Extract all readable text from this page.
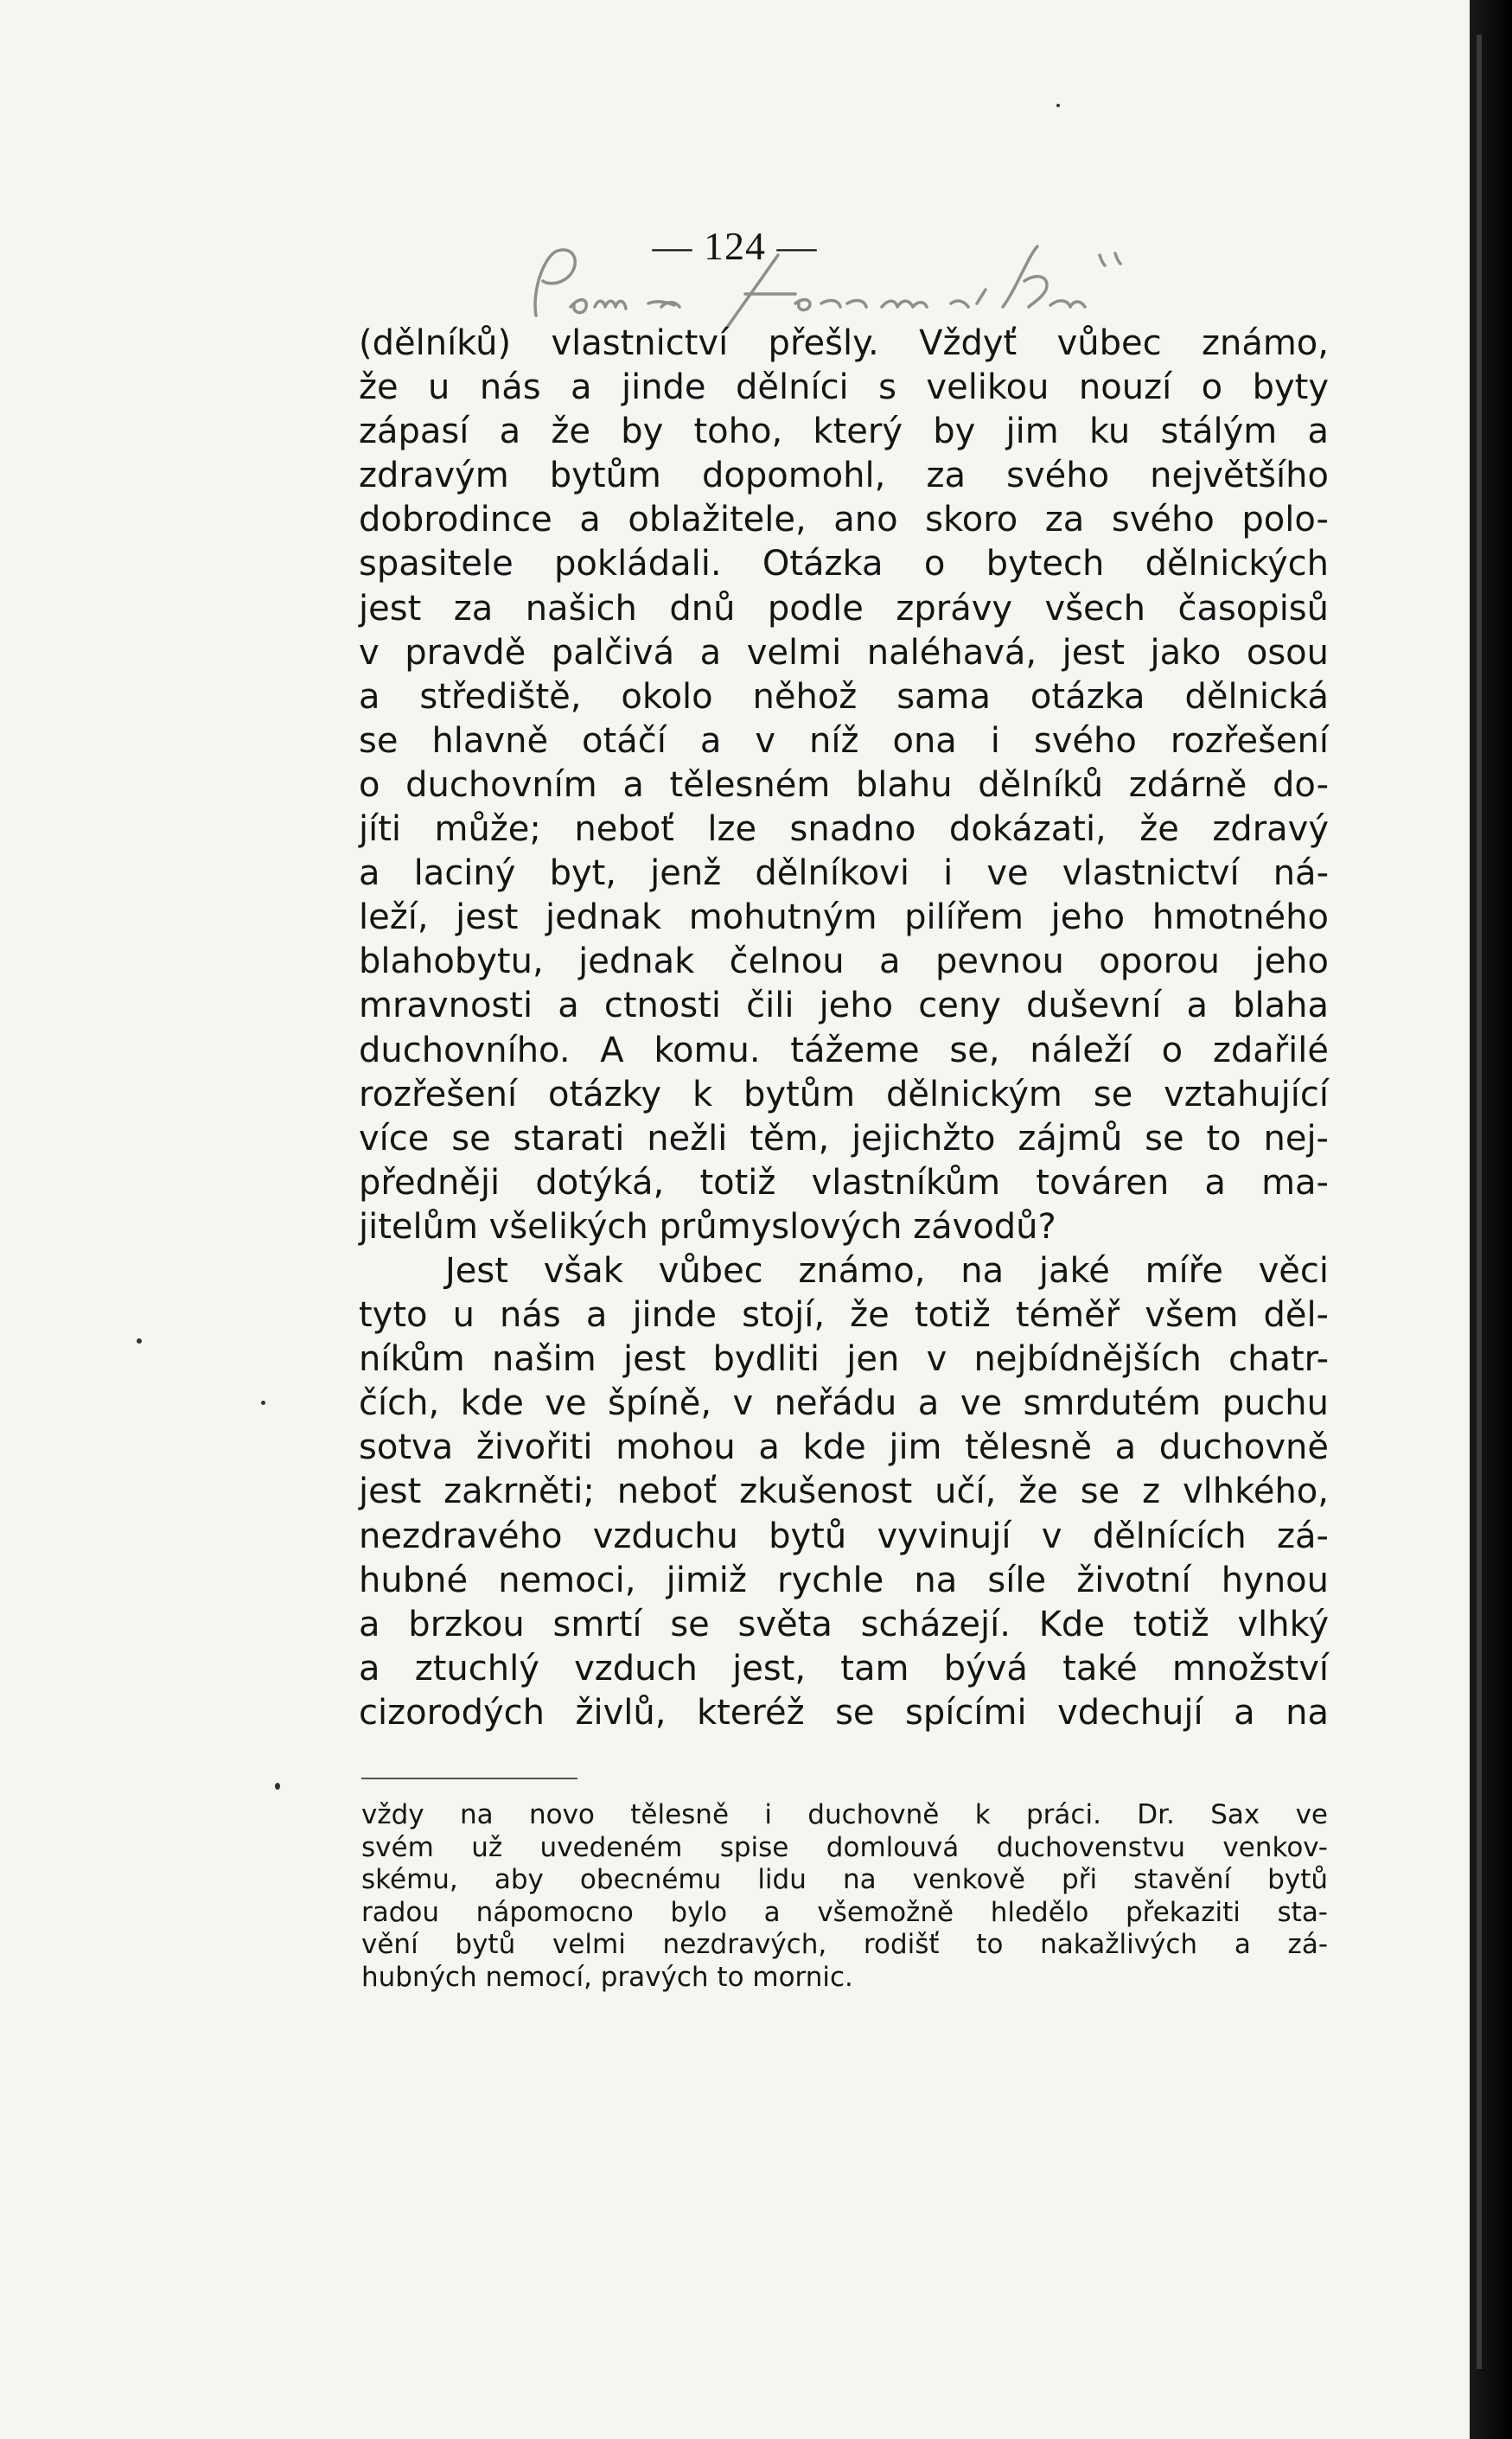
— 124 —
(dělníků) vlastnictví přešly. Vždyť vůbec známo,
že u nás a jinde dělníci s velikou nouzí o byty
zápasí a že by toho, který by jim ku stálým a
zdravým bytům dopomohl, za svého největšího
dobrodince a oblažitele, ano skoro za svého polo-
spasitele pokládali. Otázka o bytech dělnických
jest za našich dnů podle zprávy všech časopisů
v pravdě palčivá a velmi naléhavá, jest jako osou
a střediště, okolo něhož sama otázka dělnická
se hlavně otáčí a v níž ona i svého rozřešení
o duchovním a tělesném blahu dělníků zdárně do-
jíti může; neboť lze snadno dokázati, že zdravý
a laciný byt, jenž dělníkovi i ve vlastnictví ná-
leží, jest jednak mohutným pilířem jeho hmotného
blahobytu, jednak čelnou a pevnou oporou jeho
mravnosti a ctnosti čili jeho ceny duševní a blaha
duchovního. A komu. tážeme se, náleží o zdařilé
rozřešení otázky k bytům dělnickým se vztahující
více se starati nežli těm, jejichžto zájmů se to nej-
předněji dotýká, totiž vlastníkům továren a ma-
jitelům všelikých průmyslových závodů?
Jest však vůbec známo, na jaké míře věci
tyto u nás a jinde stojí, že totiž téměř všem děl-
níkům našim jest bydliti jen v nejbídnějších chatr-
čích, kde ve špíně, v neřádu a ve smrdutém puchu
sotva živořiti mohou a kde jim tělesně a duchovně
jest zakrněti; neboť zkušenost učí, že se z vlhkého,
nezdravého vzduchu bytů vyvinují v dělnících zá-
hubné nemoci, jimiž rychle na síle životní hynou
a brzkou smrtí se světa scházejí. Kde totiž vlhký
a ztuchlý vzduch jest, tam bývá také množství
cizorodých živlů, kteréž se spícími vdechují a na
vždy na novo tělesně i duchovně k práci. Dr. Sax ve
svém už uvedeném spise domlouvá duchovenstvu venkov-
skému, aby obecnému lidu na venkově při stavění bytů
radou nápomocno bylo a všemožně hledělo překaziti sta-
vění bytů velmi nezdravých, rodišť to nakažlivých a zá-
hubných nemocí, pravých to mornic.
